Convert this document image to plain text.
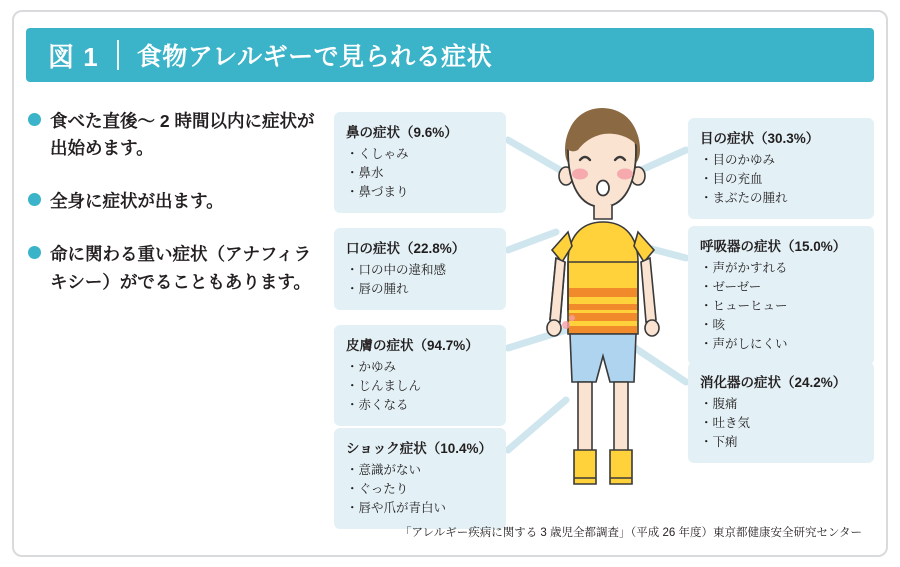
図 1 食物アレルギーで見られる症状
食べた直後〜 2 時間以内に症状が出始めます。
全身に症状が出ます。
命に関わる重い症状（アナフィラキシー）がでることもあります。
鼻の症状（9.6%）
・ くしゃみ
・ 鼻水
・ 鼻づまり
口の症状（22.8%）
・ 口の中の違和感
・ 唇の腫れ
皮膚の症状（94.7%）
・ かゆみ
・ じんましん
・ 赤くなる
ショック症状（10.4%）
・ 意識がない
・ ぐったり
・ 唇や爪が青白い
目の症状（30.3%）
・ 目のかゆみ
・ 目の充血
・ まぶたの腫れ
呼吸器の症状（15.0%）
・ 声がかすれる
・ ゼーゼー
・ ヒューヒュー
・ 咳
・ 声がしにくい
消化器の症状（24.2%）
・ 腹痛
・ 吐き気
・ 下痢
「アレルギー疾病に関する 3 歳児全都調査」（平成 26 年度）東京都健康安全研究センター
